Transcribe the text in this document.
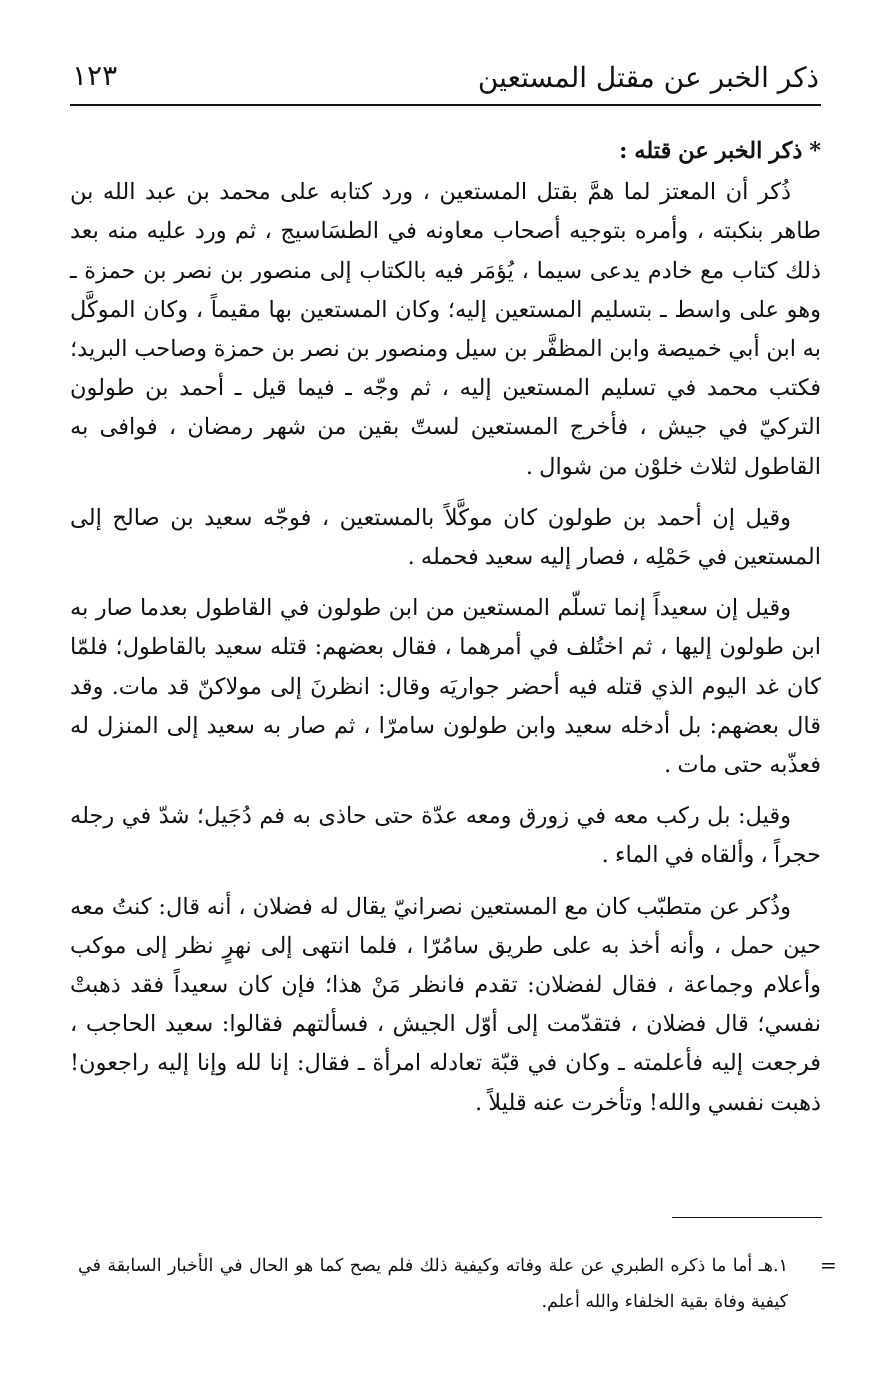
ذكر الخبر عن مقتل المستعين
١٢٣

* ذكر الخبر عن قتله :

ذُكر أن المعتز لما همَّ بقتل المستعين ، ورد كتابه على محمد بن عبد الله بن طاهر بنكبته ، وأمره بتوجيه أصحاب معاونه في الطسَاسيج ، ثم ورد عليه منه بعد ذلك كتاب مع خادم يدعى سيما ، يُؤمَر فيه بالكتاب إلى منصور بن نصر بن حمزة ـ وهو على واسط ـ بتسليم المستعين إليه؛ وكان المستعين بها مقيماً ، وكان الموكَّل به ابن أبي خميصة وابن المظفَّر بن سيل ومنصور بن نصر بن حمزة وصاحب البريد؛ فكتب محمد في تسليم المستعين إليه ، ثم وجّه ـ فيما قيل ـ أحمد بن طولون التركيّ في جيش ، فأخرج المستعين لستّ بقين من شهر رمضان ، فوافى به القاطول لثلاث خلوْن من شوال .

وقيل إن أحمد بن طولون كان موكَّلاً بالمستعين ، فوجّه سعيد بن صالح إلى المستعين في حَمْلِه ، فصار إليه سعيد فحمله .

وقيل إن سعيداً إنما تسلّم المستعين من ابن طولون في القاطول بعدما صار به ابن طولون إليها ، ثم اختُلف في أمرهما ، فقال بعضهم: قتله سعيد بالقاطول؛ فلمّا كان غد اليوم الذي قتله فيه أحضر جواريَه وقال: انظرنَ إلى مولاكنّ قد مات. وقد قال بعضهم: بل أدخله سعيد وابن طولون سامرّا ، ثم صار به سعيد إلى المنزل له فعذّبه حتى مات .

وقيل: بل ركب معه في زورق ومعه عدّة حتى حاذى به فم دُجَيل؛ شدّ في رجله حجراً ، وألقاه في الماء .

وذُكر عن متطبّب كان مع المستعين نصرانيّ يقال له فضلان ، أنه قال: كنتُ معه حين حمل ، وأنه أخذ به على طريق سامُرّا ، فلما انتهى إلى نهرٍ نظر إلى موكب وأعلام وجماعة ، فقال لفضلان: تقدم فانظر مَنْ هذا؛ فإن كان سعيداً فقد ذهبتْ نفسي؛ قال فضلان ، فتقدّمت إلى أوّل الجيش ، فسألتهم فقالوا: سعيد الحاجب ، فرجعت إليه فأعلمته ـ وكان في قبّة تعادله امرأة ـ فقال: إنا لله وإنا إليه راجعون! ذهبت نفسي والله! وتأخرت عنه قليلاً .

=
١.هـ أما ما ذكره الطبري عن علة وفاته وكيفية ذلك فلم يصح كما هو الحال في الأخبار السابقة في كيفية وفاة بقية الخلفاء والله أعلم.
